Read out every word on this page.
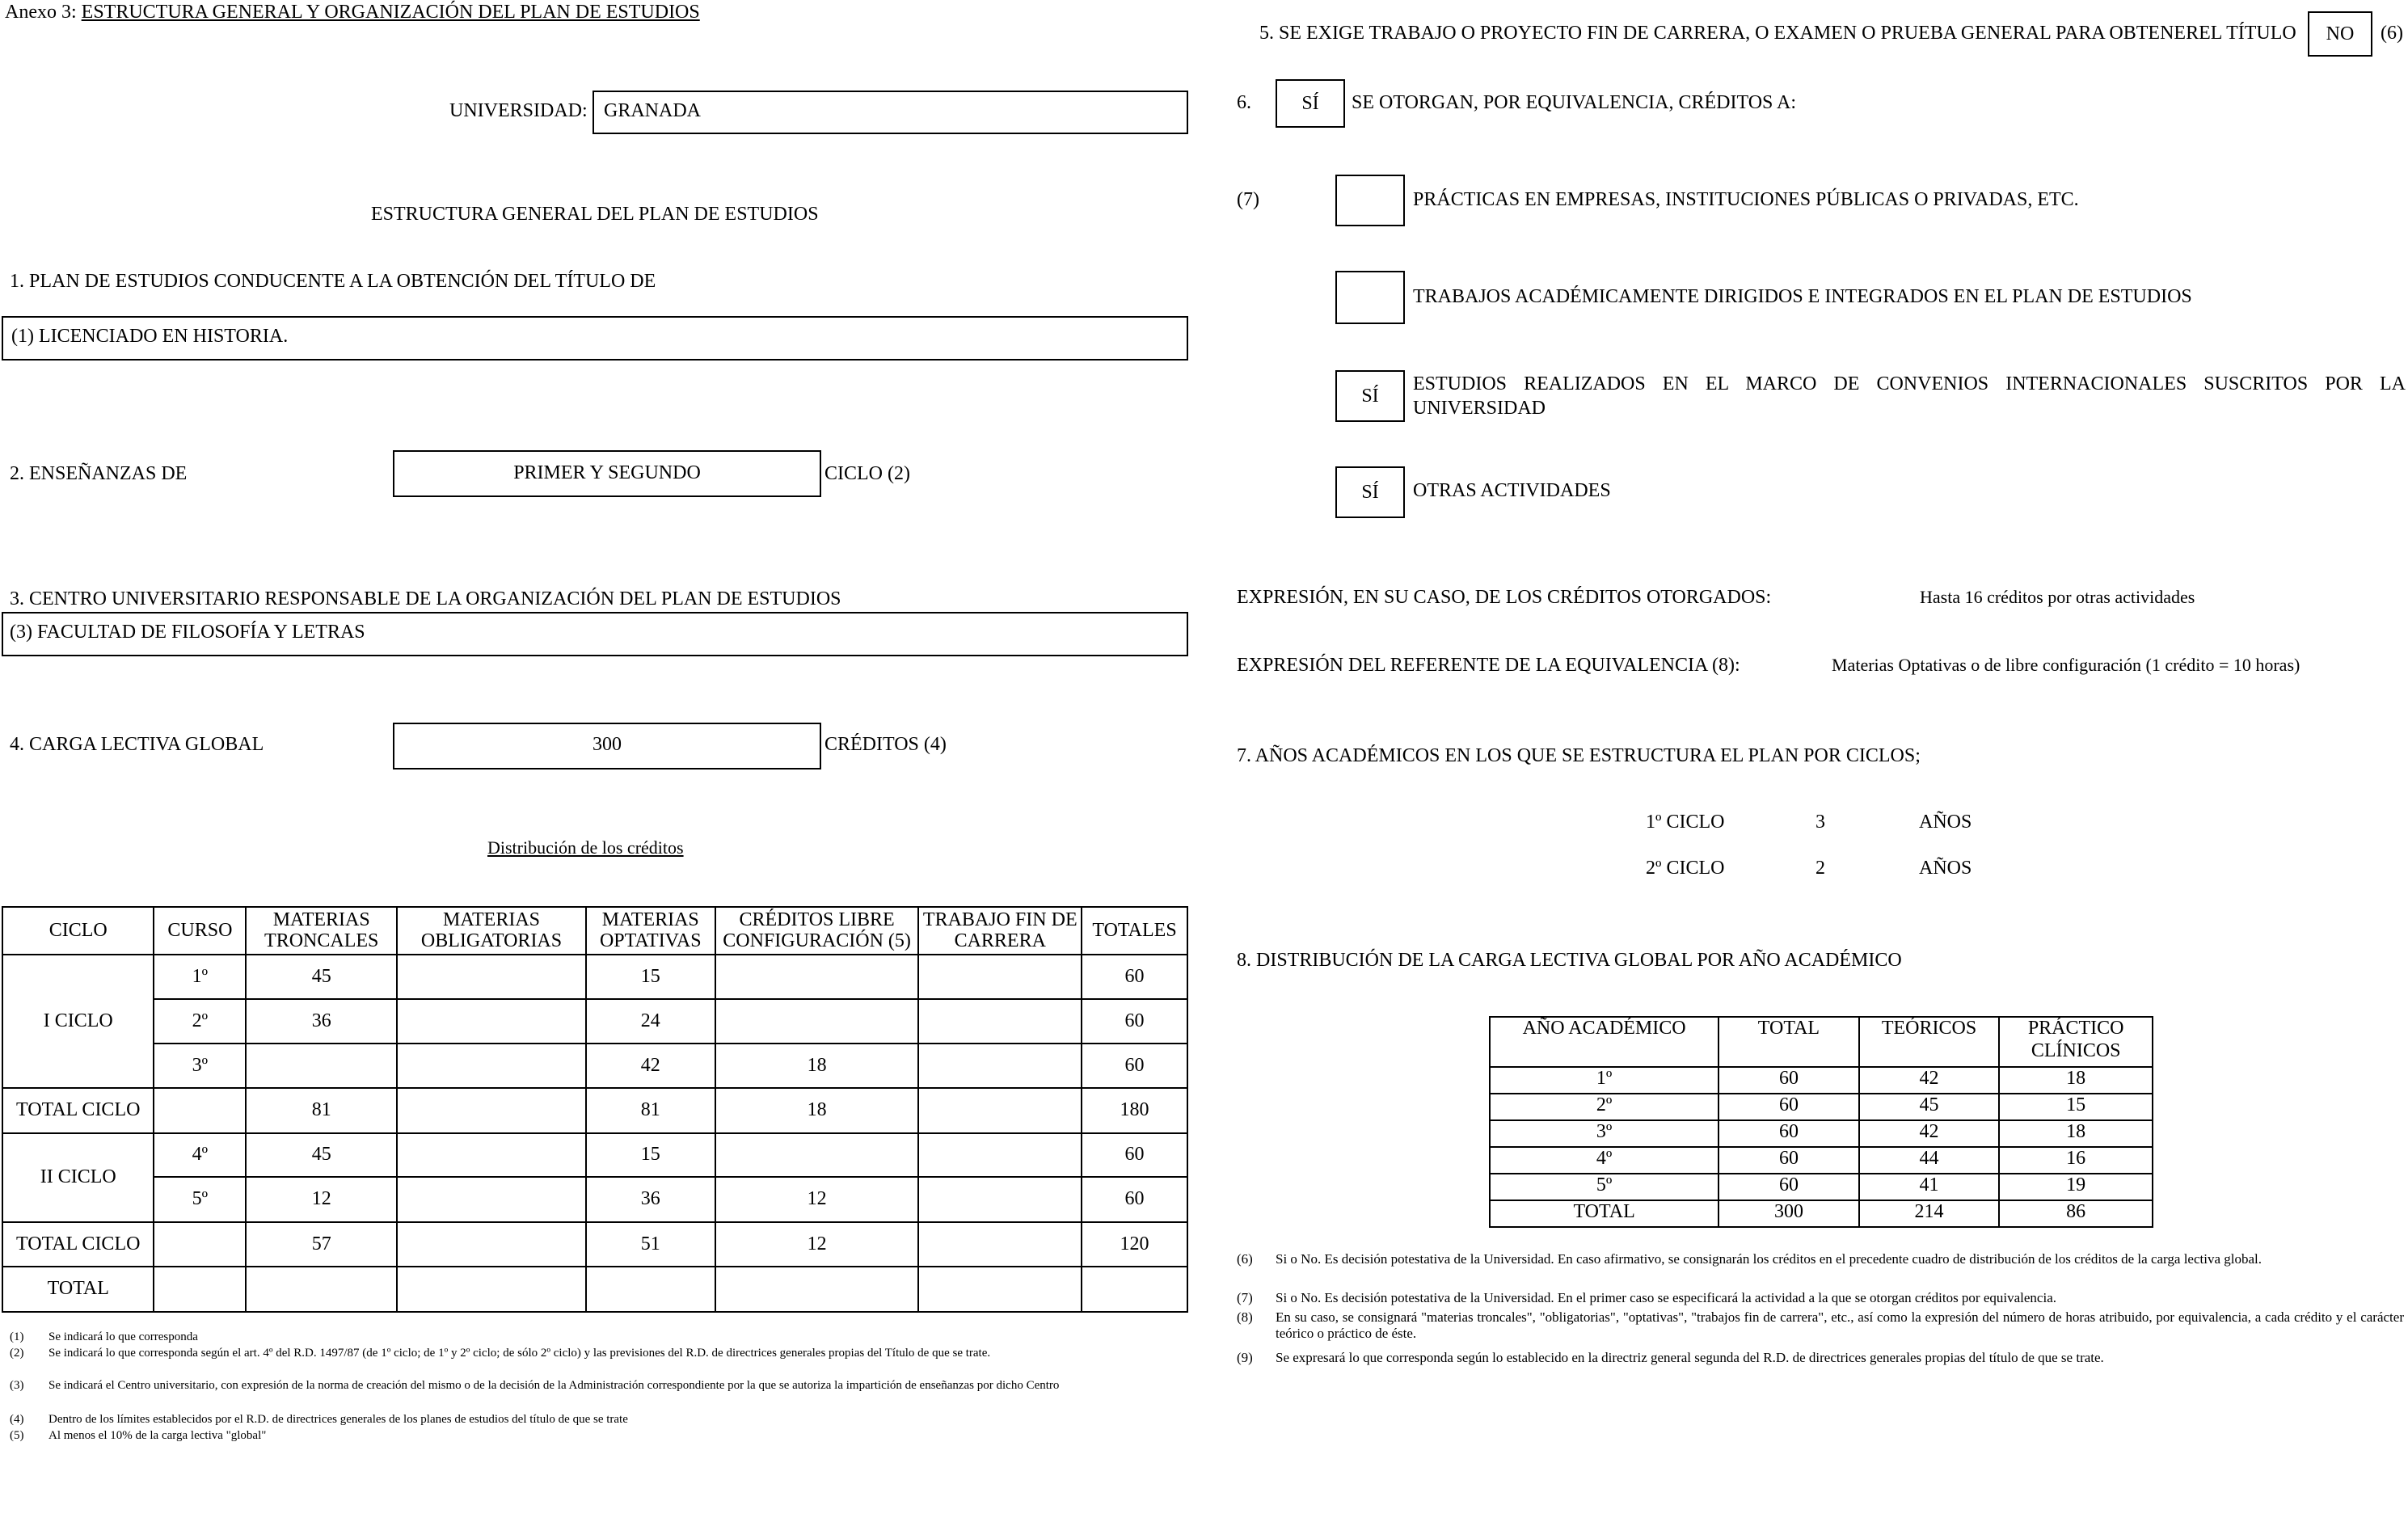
Anexo 3: ESTRUCTURA GENERAL Y ORGANIZACIÓN DEL PLAN DE ESTUDIOS
UNIVERSIDAD: GRANADA
ESTRUCTURA GENERAL DEL PLAN DE ESTUDIOS
1. PLAN DE ESTUDIOS CONDUCENTE A LA OBTENCIÓN DEL TÍTULO DE
(1) LICENCIADO EN HISTORIA.
2. ENSEÑANZAS DE	PRIMER Y SEGUNDO	CICLO (2)
3. CENTRO UNIVERSITARIO RESPONSABLE DE LA ORGANIZACIÓN DEL PLAN DE ESTUDIOS
(3) FACULTAD DE FILOSOFÍA Y LETRAS
4. CARGA LECTIVA GLOBAL	300	CRÉDITOS (4)
Distribución de los créditos
CICLO	CURSO	MATERIAS TRONCALES	MATERIAS OBLIGATORIAS	MATERIAS OPTATIVAS	CRÉDITOS LIBRE CONFIGURACIÓN (5)	TRABAJO FIN DE CARRERA	TOTALES
I CICLO	1º	45		15			60
	2º	36		24			60
	3º			42	18		60
TOTAL CICLO		81		81	18		180
II CICLO	4º	45		15			60
	5º	12		36	12		60
TOTAL CICLO		57		51	12		120
TOTAL							
(1) Se indicará lo que corresponda
(2) Se indicará lo que corresponda según el art. 4º del R.D. 1497/87 (de 1º ciclo; de 1º y 2º ciclo; de sólo 2º ciclo) y las previsiones del R.D. de directrices generales propias del Título de que se trate.
(3) Se indicará el Centro universitario, con expresión de la norma de creación del mismo o de la decisión de la Administración correspondiente por la que se autoriza la impartición de enseñanzas por dicho Centro
(4) Dentro de los límites establecidos por el R.D. de directrices generales de los planes de estudios del título de que se trate
(5) Al menos el 10% de la carga lectiva "global"
5. SE EXIGE TRABAJO O PROYECTO FIN DE CARRERA, O EXAMEN O PRUEBA GENERAL PARA OBTENEREL TÍTULO NO (6)
6.	SÍ SE OTORGAN, POR EQUIVALENCIA, CRÉDITOS A:
(7)	PRÁCTICAS EN EMPRESAS, INSTITUCIONES PÚBLICAS O PRIVADAS, ETC.
TRABAJOS ACADÉMICAMENTE DIRIGIDOS E INTEGRADOS EN EL PLAN DE ESTUDIOS
SÍ
ESTUDIOS REALIZADOS EN EL MARCO DE CONVENIOS INTERNACIONALES SUSCRITOS POR LA UNIVERSIDAD
SÍ OTRAS ACTIVIDADES
EXPRESIÓN, EN SU CASO, DE LOS CRÉDITOS OTORGADOS:	Hasta 16 créditos por otras actividades
EXPRESIÓN DEL REFERENTE DE LA EQUIVALENCIA (8):	Materias Optativas o de libre configuración (1 crédito = 10 horas)
7. AÑOS ACADÉMICOS EN LOS QUE SE ESTRUCTURA EL PLAN POR CICLOS;
1º CICLO	3	AÑOS
2º CICLO	2	AÑOS
8. DISTRIBUCIÓN DE LA CARGA LECTIVA GLOBAL POR AÑO ACADÉMICO
AÑO ACADÉMICO	TOTAL	TEÓRICOS	PRÁCTICO CLÍNICOS
1º	60	42	18
2º	60	45	15
3º	60	42	18
4º	60	44	16
5º	60	41	19
TOTAL	300	214	86
(6) Si o No. Es decisión potestativa de la Universidad. En caso afirmativo, se consignarán los créditos en el precedente cuadro de distribución de los créditos de la carga lectiva global.
(7) Si o No. Es decisión potestativa de la Universidad. En el primer caso se especificará la actividad a la que se otorgan créditos por equivalencia.
(8) En su caso, se consignará "materias troncales", "obligatorias", "optativas", "trabajos fin de carrera", etc., así como la expresión del número de horas atribuido, por equivalencia, a cada crédito y el carácter teórico o práctico de éste.
(9) Se expresará lo que corresponda según lo establecido en la directriz general segunda del R.D. de directrices generales propias del título de que se trate.
